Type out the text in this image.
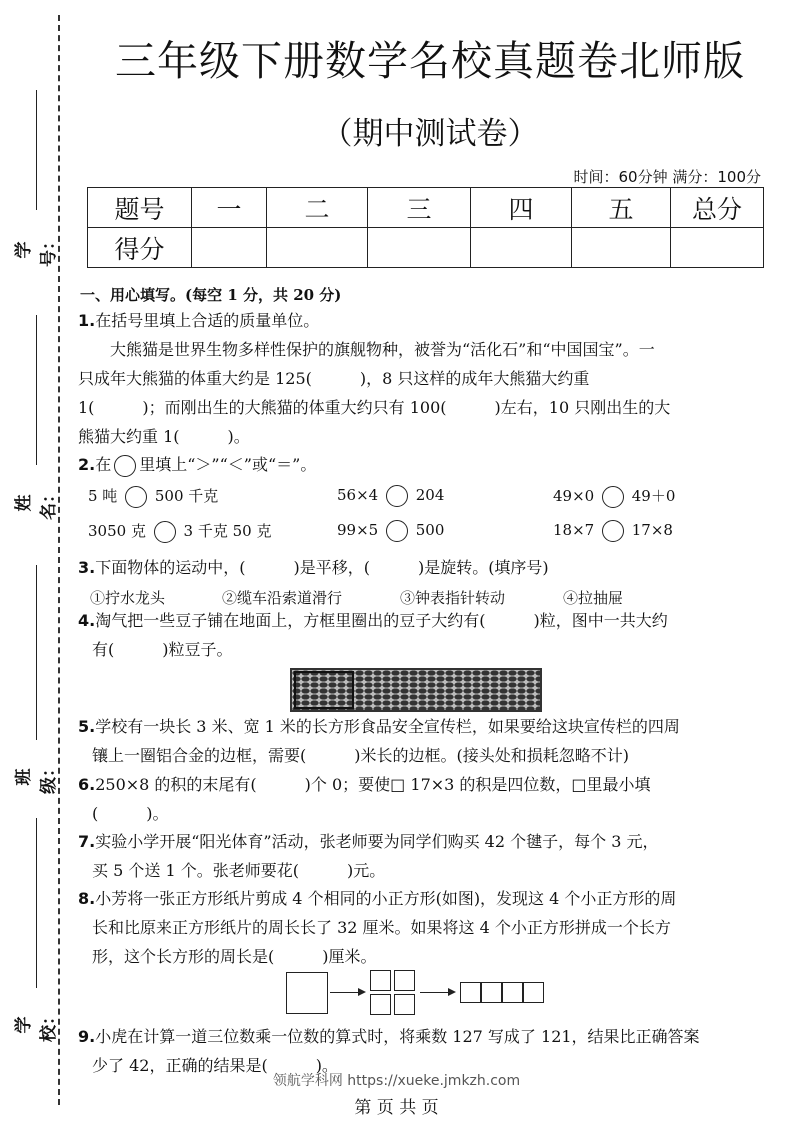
学号：
姓名：
班级：
学校：
三年级下册数学名校真题卷北师版
（期中测试卷）
时间：60分钟 满分：100分
题号	一	二	三	四	五	总分
得分						
一、用心填写。(每空 1 分，共 20 分)
1.在括号里填上合适的质量单位。
大熊猫是世界生物多样性保护的旗舰物种，被誉为“活化石”和“中国国宝”。一
只成年大熊猫的体重大约是 125(　　　)，8 只这样的成年大熊猫大约重
1(　　　)；而刚出生的大熊猫的体重大约只有 100(　　　)左右，10 只刚出生的大
熊猫大约重 1(　　　)。
2.在 里填上“＞”“＜”或“＝”。
5 吨	500 千克	56×4	204	49×0	49＋0
3050 克	3 千克 50 克	99×5	500	18×7	17×8
3.下面物体的运动中，(　　　)是平移，(　　　)是旋转。(填序号)
①拧水龙头	②缆车沿索道滑行	③钟表指针转动	④拉抽屉
4.淘气把一些豆子铺在地面上，方框里圈出的豆子大约有(　　　)粒，图中一共大约
有(　　　)粒豆子。
5.学校有一块长 3 米、宽 1 米的长方形食品安全宣传栏，如果要给这块宣传栏的四周
镶上一圈铝合金的边框，需要(　　　)米长的边框。(接头处和损耗忽略不计)
6.250×8 的积的末尾有(　　　)个 0；要使□ 17×3 的积是四位数，□里最小填
(　　　)。
7.实验小学开展“阳光体育”活动，张老师要为同学们购买 42 个毽子，每个 3 元，
买 5 个送 1 个。张老师要花(　　　)元。
8.小芳将一张正方形纸片剪成 4 个相同的小正方形(如图)，发现这 4 个小正方形的周
长和比原来正方形纸片的周长长了 32 厘米。如果将这 4 个小正方形拼成一个长方
形，这个长方形的周长是(　　　)厘米。
9.小虎在计算一道三位数乘一位数的算式时，将乘数 127 写成了 121，结果比正确答案
少了 42，正确的结果是(　　　)。
领航学科网 https://xueke.jmkzh.com
第 页 共 页
